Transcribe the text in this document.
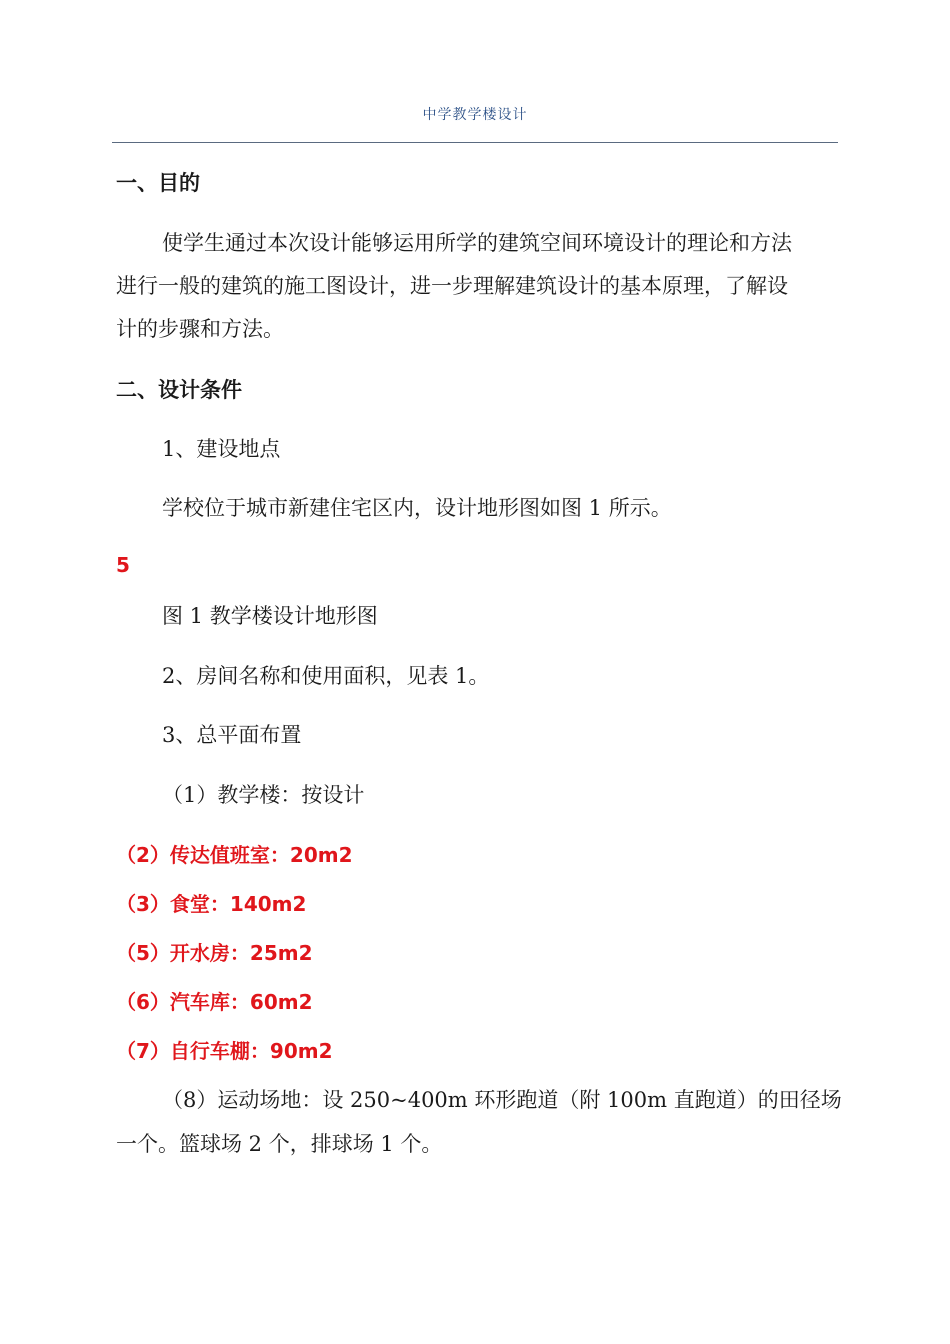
中学教学楼设计
一、目的
使学生通过本次设计能够运用所学的建筑空间环境设计的理论和方法
进行一般的建筑的施工图设计，进一步理解建筑设计的基本原理，了解设
计的步骤和方法。
二、设计条件
1、建设地点
学校位于城市新建住宅区内，设计地形图如图 1 所示。
5
图 1 教学楼设计地形图
2、房间名称和使用面积，见表 1。
3、总平面布置
（1）教学楼：按设计
（2）传达值班室：20m2
（3）食堂：140m2
（5）开水房：25m2
（6）汽车库：60m2
（7）自行车棚：90m2
（8）运动场地：设 250~400m 环形跑道（附 100m 直跑道）的田径场
一个。篮球场 2 个，排球场 1 个。
